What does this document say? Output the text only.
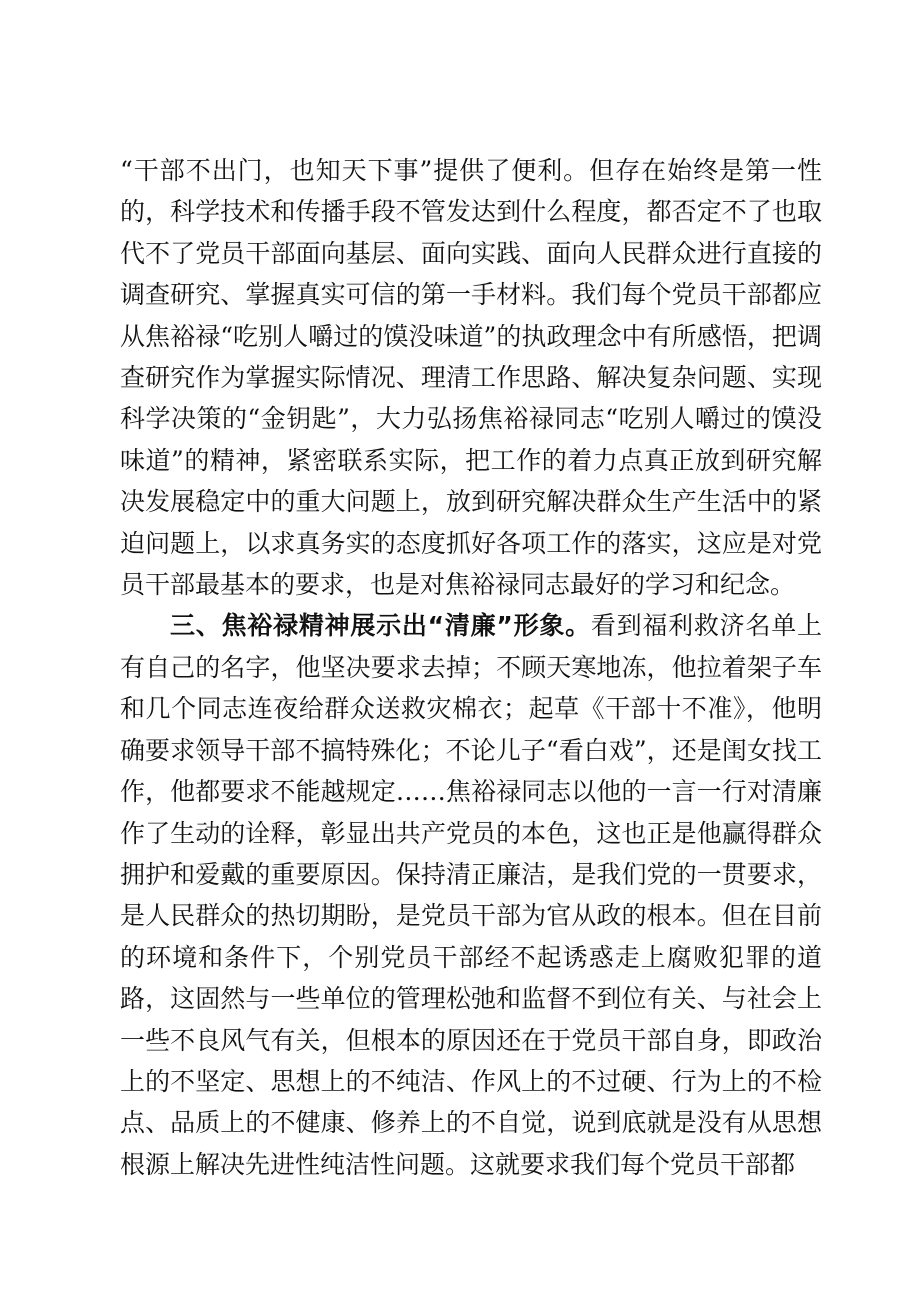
“干部不出门，也知天下事”提供了便利。但存在始终是第一性的，科学技术和传播手段不管发达到什么程度，都否定不了也取代不了党员干部面向基层、面向实践、面向人民群众进行直接的调查研究、掌握真实可信的第一手材料。我们每个党员干部都应从焦裕禄“吃别人嚼过的馍没味道”的执政理念中有所感悟，把调查研究作为掌握实际情况、理清工作思路、解决复杂问题、实现科学决策的“金钥匙”，大力弘扬焦裕禄同志“吃别人嚼过的馍没味道”的精神，紧密联系实际，把工作的着力点真正放到研究解决发展稳定中的重大问题上，放到研究解决群众生产生活中的紧迫问题上，以求真务实的态度抓好各项工作的落实，这应是对党员干部最基本的要求，也是对焦裕禄同志最好的学习和纪念。

三、焦裕禄精神展示出“清廉”形象。看到福利救济名单上有自己的名字，他坚决要求去掉；不顾天寒地冻，他拉着架子车和几个同志连夜给群众送救灾棉衣；起草《干部十不准》，他明确要求领导干部不搞特殊化；不论儿子“看白戏”，还是闺女找工作，他都要求不能越规定……焦裕禄同志以他的一言一行对清廉作了生动的诠释，彰显出共产党员的本色，这也正是他赢得群众拥护和爱戴的重要原因。保持清正廉洁，是我们党的一贯要求，是人民群众的热切期盼，是党员干部为官从政的根本。但在目前的环境和条件下，个别党员干部经不起诱惑走上腐败犯罪的道路，这固然与一些单位的管理松弛和监督不到位有关、与社会上一些不良风气有关，但根本的原因还在于党员干部自身，即政治上的不坚定、思想上的不纯洁、作风上的不过硬、行为上的不检点、品质上的不健康、修养上的不自觉，说到底就是没有从思想根源上解决先进性纯洁性问题。这就要求我们每个党员干部都
